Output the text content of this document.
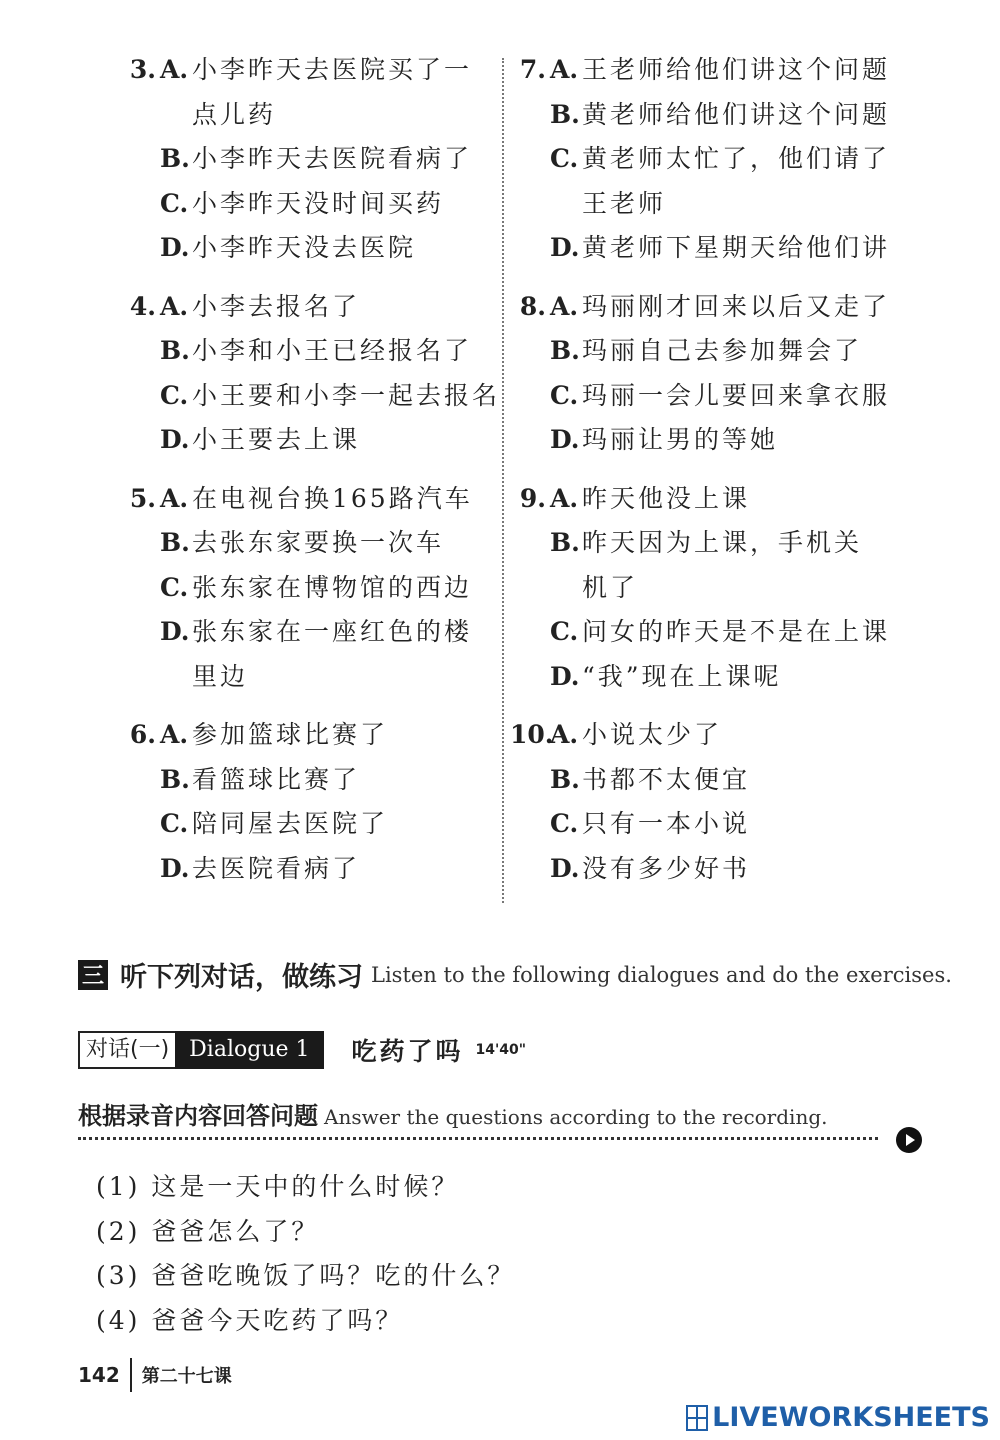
3. A. 小李昨天去医院买了一
点儿药
B. 小李昨天去医院看病了
C. 小李昨天没时间买药
D. 小李昨天没去医院
4. A. 小李去报名了
B. 小李和小王已经报名了
C. 小王要和小李一起去报名
D. 小王要去上课
5. A. 在电视台换165路汽车
B. 去张东家要换一次车
C. 张东家在博物馆的西边
D. 张东家在一座红色的楼
里边
6. A. 参加篮球比赛了
B. 看篮球比赛了
C. 陪同屋去医院了
D. 去医院看病了
7. A. 王老师给他们讲这个问题
B. 黄老师给他们讲这个问题
C. 黄老师太忙了，他们请了
王老师
D. 黄老师下星期天给他们讲
8. A. 玛丽刚才回来以后又走了
B. 玛丽自己去参加舞会了
C. 玛丽一会儿要回来拿衣服
D. 玛丽让男的等她
9. A. 昨天他没上课
B. 昨天因为上课，手机关
机了
C. 问女的昨天是不是在上课
D. “我”现在上课呢
10.
A. 小说太少了
B. 书都不太便宜
C. 只有一本小说
D. 没有多少好书
三 听下列对话，做练习 Listen to the following dialogues and do the exercises.
对话(一) Dialogue 1	吃药了吗 14'40"
根据录音内容回答问题 Answer the questions according to the recording.
(1) 这是一天中的什么时候？
(2) 爸爸怎么了？
(3) 爸爸吃晚饭了吗？吃的什么？
(4) 爸爸今天吃药了吗？
142 第二十七课
LIVEWORKSHEETS
